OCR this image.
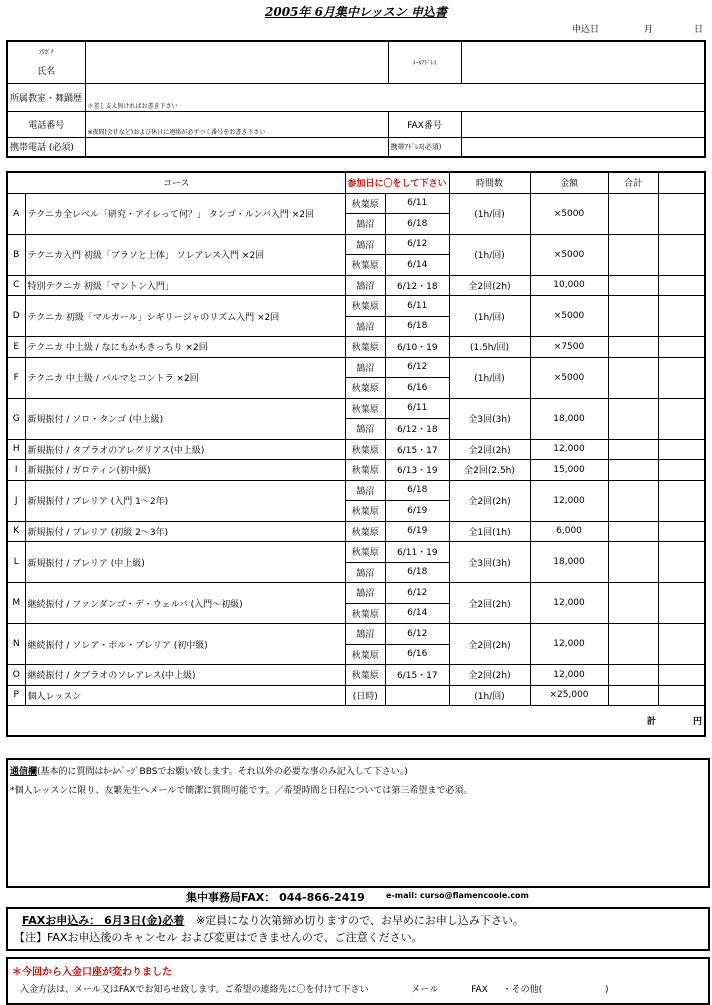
2005年 6月集中レッスン 申込書
申込日	月	日
ﾌﾘｶﾞﾅ
氏名		ﾒｰﾙｱﾄﾞﾚｽ	
所属教室・舞踊歴	＊差し支え無ければお書き下さい		
電話番号	※夜間(会社など)および休日に連絡が必ずつく番号をお書き下さい	FAX番号	
携帯電話 (必須)		携帯ｱﾄﾞﾚｽ(必須)	
コース		参加日に〇をして下さい		時間数	金額	合計	
A	テクニカ全レベル「研究・アイレって何？」 タンゴ・ルンバ入門 ×2回	秋葉原	6/11	(1h/回)	×5000		
		鵠沼	6/18				
B	テクニカ入門 初級「ブラソと上体」 ソレアレス入門 ×2回	鵠沼	6/12	(1h/回)	×5000		
		秋葉原	6/14				
C	特別テクニカ 初級「マントン入門」	鵠沼	6/12・18	全2回(2h)	10,000		
D	テクニカ 初級「マルカール」シギリージャのリズム入門 ×2回	秋葉原	6/11	(1h/回)	×5000		
		鵠沼	6/18				
E	テクニカ 中上級 / なにもかもきっちり ×2回	秋葉原	6/10・19	(1.5h/回)	×7500		
F	テクニカ 中上級 / パルマとコントラ ×2回	鵠沼	6/12	(1h/回)	×5000		
		秋葉原	6/16				
G	新規振付 / ソロ・タンゴ (中上級)	秋葉原	6/11	全3回(3h)	18,000		
		鵠沼	6/12・18				
H	新規振付 / タブラオのアレグリアス(中上級)	秋葉原	6/15・17	全2回(2h)	12,000		
I	新規振付 / ガロティン(初中級)	秋葉原	6/13・19	全2回(2.5h)	15,000		
J	新規振付 / ブレリア (入門 1～2年)	鵠沼	6/18	全2回(2h)	12,000		
		秋葉原	6/19				
K	新規振付 / ブレリア (初級 2～3年)	秋葉原	6/19	全1回(1h)	6,000		
L	新規振付 / ブレリア (中上級)	秋葉原	6/11・19	全3回(3h)	18,000		
		鵠沼	6/18				
M	継続振付 / ファンダンゴ・デ・ウェルバ (入門～初級)	鵠沼	6/12	全2回(2h)	12,000		
		秋葉原	6/14				
N	継続振付 / ソレア・ポル・ブレリア (初中級)	鵠沼	6/12	全2回(2h)	12,000		
		秋葉原	6/16				
O	継続振付 / タブラオのソレアレス(中上級)	秋葉原	6/15・17	全2回(2h)	12,000		
P	個人レッスン	(日時)		(1h/回)	×25,000		
						計	円
通信欄(基本的に質問はﾎｰﾑﾍﾟｰｼﾞBBSでお願い致します。それ以外の必要な事のみ記入して下さい。)
*個人レッスンに限り、友繁先生へメールで簡潔に質問可能です。／希望時間と日程については第三希望まで必須。
集中事務局FAX： 044-866-2419	e-mail: curso@flamencoole.com
FAXお申込み： 6月3日(金)必着 ※定員になり次第締め切りますので、お早めにお申し込み下さい。
【注】FAXお申込後のキャンセル および変更はできませんので、ご注意ください。
＊今回から入金口座が変わりました
入金方法は、メール又はFAXでお知らせ致します。ご希望の連絡先に〇を付けて下さい	メール	FAX ・その他(	)
